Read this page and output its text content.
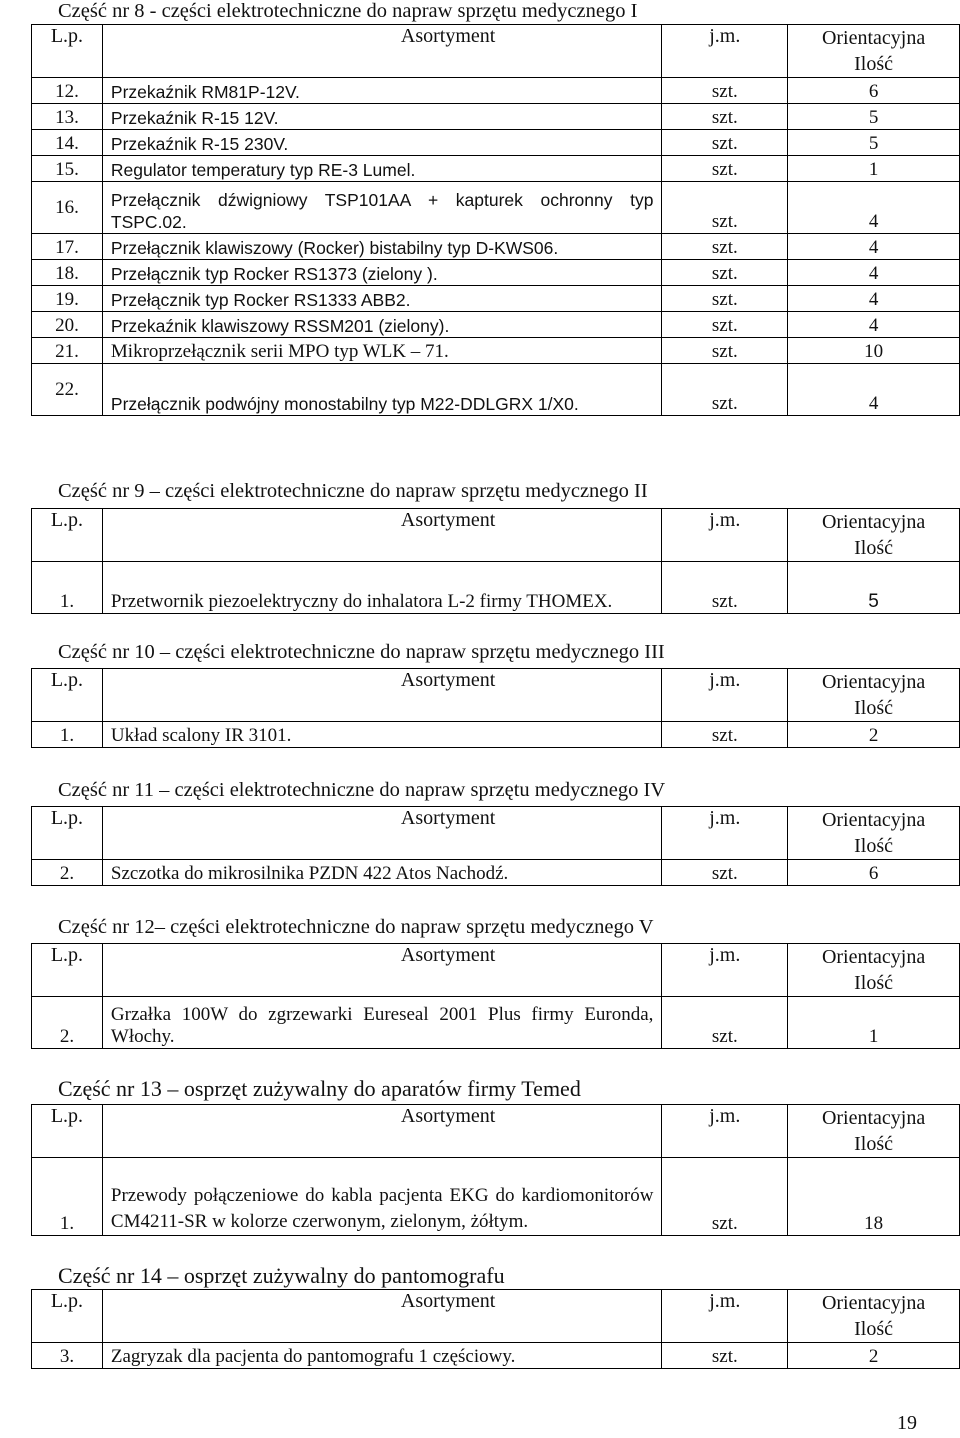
Część nr 8 - części elektrotechniczne do napraw sprzętu medycznego I
L.p.	Asortyment	j.m.	Orientacyjna
Ilość

12.	Przekaźnik RM81P-12V.	szt.	6
13.	Przekaźnik R-15 12V.	szt.	5
14.	Przekaźnik R-15 230V.	szt.	5
15.	Regulator temperatury typ RE-3 Lumel.	szt.	1
16.	Przełącznik dźwigniowy TSP101AA + kapturek ochronny typ TSPC.02.	szt.	4
17.	Przełącznik klawiszowy (Rocker) bistabilny typ D-KWS06.	szt.	4
18.	Przełącznik typ Rocker RS1373 (zielony ).	szt.	4
19.	Przełącznik typ Rocker RS1333 ABB2.	szt.	4
20.	Przekaźnik klawiszowy RSSM201 (zielony).	szt.	4
21.	Mikroprzełącznik serii MPO typ WLK – 71.	szt.	10
22.	Przełącznik podwójny monostabilny typ M22-DDLGRX 1/X0.	szt.	4
Część nr 9 – części elektrotechniczne do napraw sprzętu medycznego II
L.p.	Asortyment	j.m.	Orientacyjna
Ilość

1.	Przetwornik piezoelektryczny do inhalatora L-2 firmy THOMEX.	szt.	5
Część nr 10 – części elektrotechniczne do napraw sprzętu medycznego III
L.p.	Asortyment	j.m.	Orientacyjna
Ilość

1.	Układ scalony IR 3101.	szt.	2
Część nr 11 – części elektrotechniczne do napraw sprzętu medycznego IV
L.p.	Asortyment	j.m.	Orientacyjna
Ilość

2.	Szczotka do mikrosilnika PZDN 422 Atos Nachodź.	szt.	6
Część nr 12– części elektrotechniczne do napraw sprzętu medycznego V
L.p.	Asortyment	j.m.	Orientacyjna
Ilość

2.	Grzałka 100W do zgrzewarki Eureseal 2001 Plus firmy Euronda, Włochy.	szt.	1
Część nr 13 – osprzęt zużywalny do aparatów firmy Temed
L.p.	Asortyment	j.m.	Orientacyjna
Ilość

1.	Przewody połączeniowe do kabla pacjenta EKG do kardiomonitorów CM4211-SR w kolorze czerwonym, zielonym, żółtym.	szt.	18
Część nr 14 – osprzęt zużywalny do pantomografu
L.p.	Asortyment	j.m.	Orientacyjna
Ilość

3.	Zagryzak dla pacjenta do pantomografu 1 częściowy.	szt.	2
19
